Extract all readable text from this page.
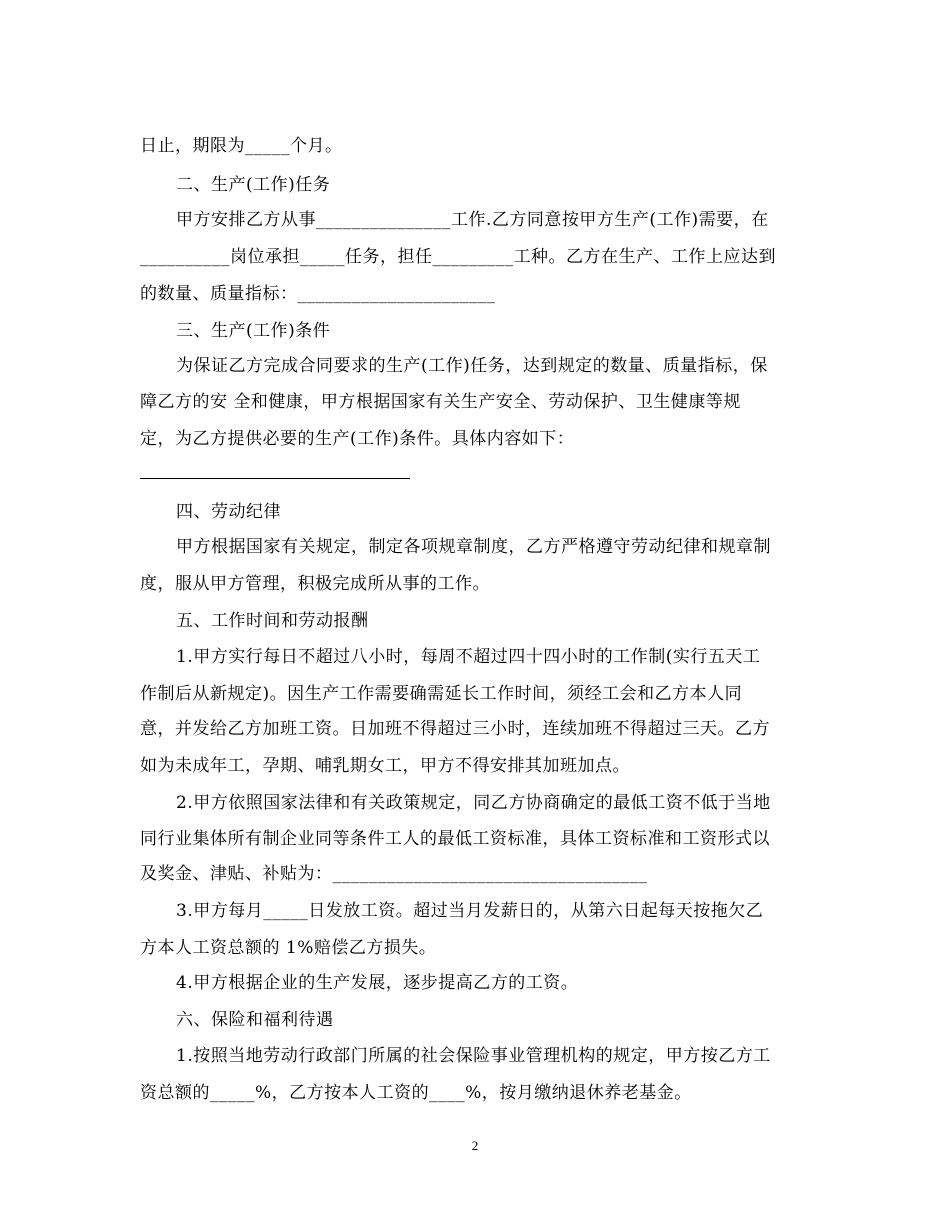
日止，期限为_____个月。
二、生产(工作)任务
甲方安排乙方从事_______________工作.乙方同意按甲方生产(工作)需要，在
__________岗位承担_____任务，担任_________工种。乙方在生产、工作上应达到
的数量、质量指标：______________________
三、生产(工作)条件
为保证乙方完成合同要求的生产(工作)任务，达到规定的数量、质量指标，保
障乙方的安 全和健康，甲方根据国家有关生产安全、劳动保护、卫生健康等规
定，为乙方提供必要的生产(工作)条件。具体内容如下：
四、劳动纪律
甲方根据国家有关规定，制定各项规章制度，乙方严格遵守劳动纪律和规章制
度，服从甲方管理，积极完成所从事的工作。
五、工作时间和劳动报酬
1.甲方实行每日不超过八小时，每周不超过四十四小时的工作制(实行五天工
作制后从新规定)。因生产工作需要确需延长工作时间，须经工会和乙方本人同
意，并发给乙方加班工资。日加班不得超过三小时，连续加班不得超过三天。乙方
如为未成年工，孕期、哺乳期女工，甲方不得安排其加班加点。
2.甲方依照国家法律和有关政策规定，同乙方协商确定的最低工资不低于当地
同行业集体所有制企业同等条件工人的最低工资标准，具体工资标准和工资形式以
及奖金、津贴、补贴为：___________________________________
3.甲方每月_____日发放工资。超过当月发薪日的，从第六日起每天按拖欠乙
方本人工资总额的 1%赔偿乙方损失。
4.甲方根据企业的生产发展，逐步提高乙方的工资。
六、保险和福利待遇
1.按照当地劳动行政部门所属的社会保险事业管理机构的规定，甲方按乙方工
资总额的_____%，乙方按本人工资的____%，按月缴纳退休养老基金。
2
